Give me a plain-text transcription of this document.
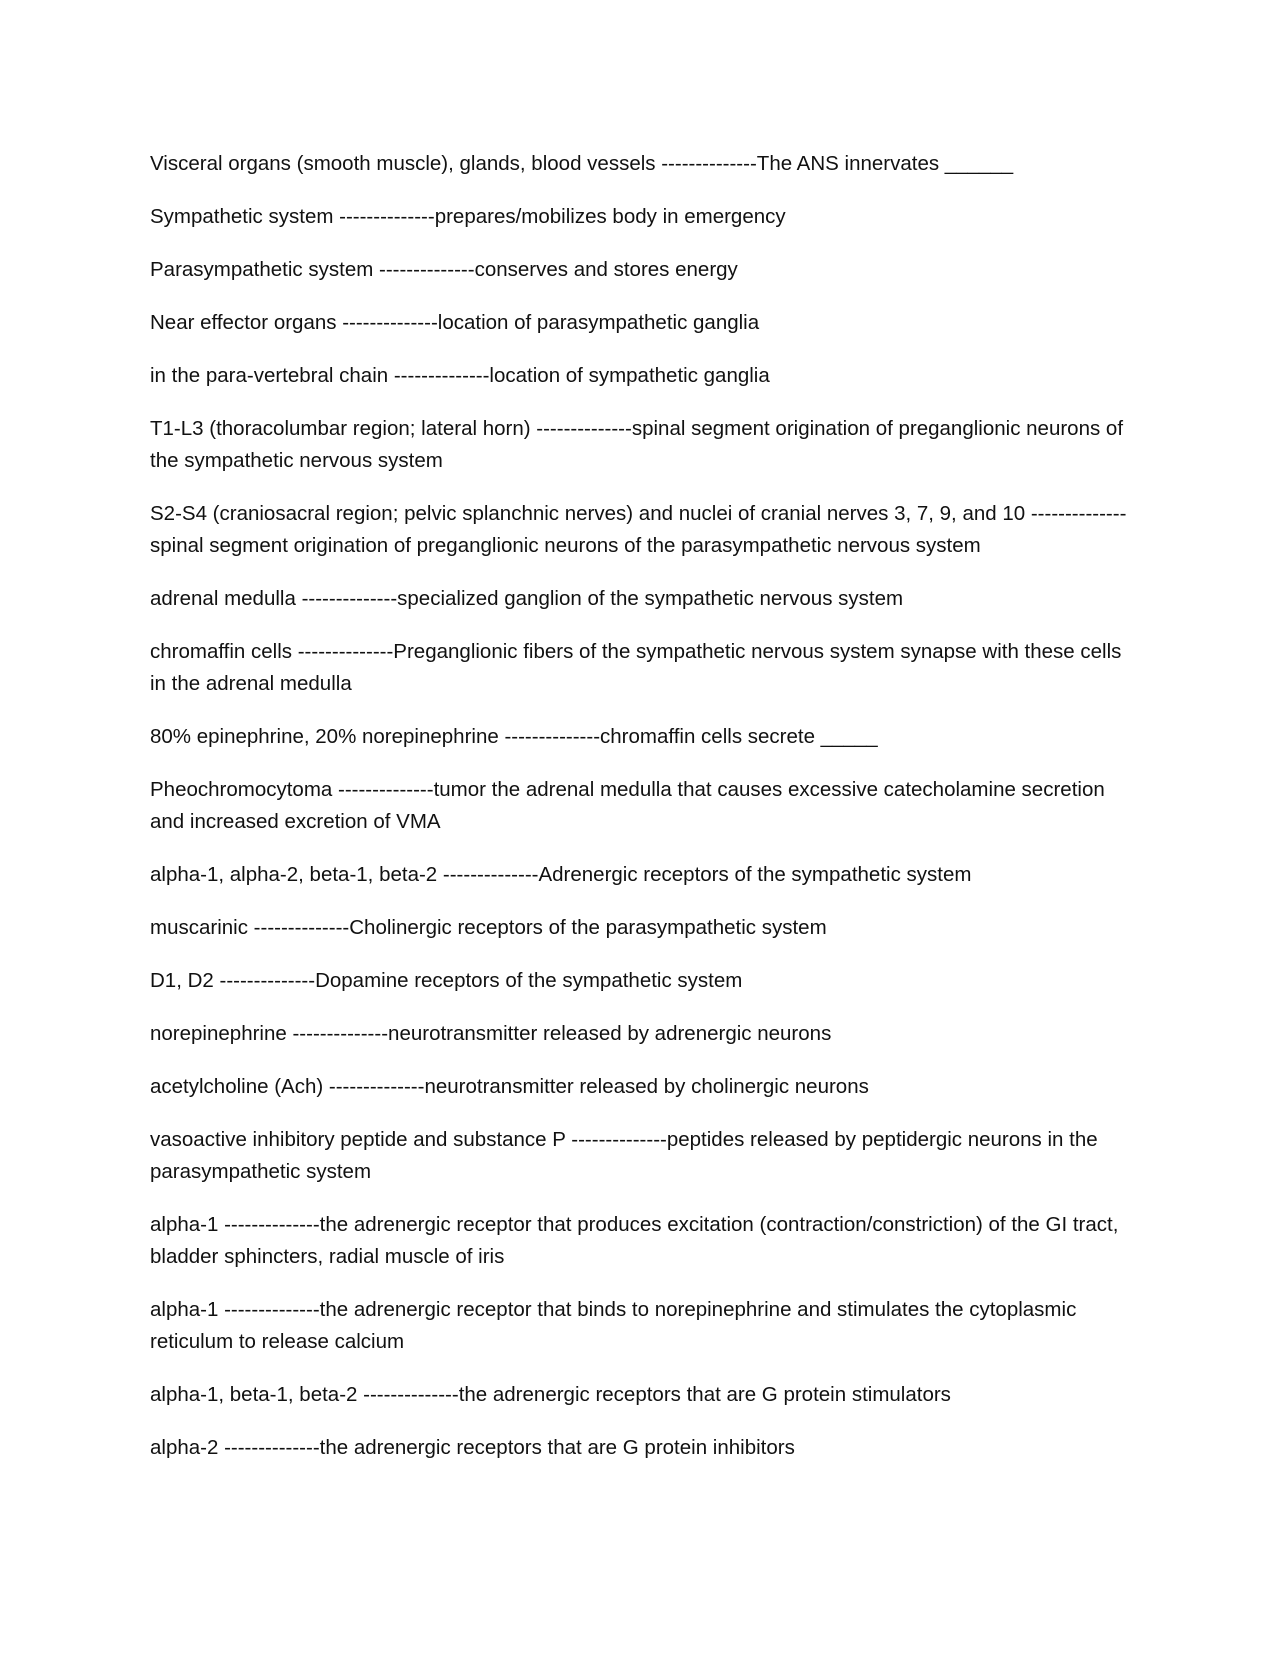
Visceral organs (smooth muscle), glands, blood vessels --------------The ANS innervates ______

Sympathetic system --------------prepares/mobilizes body in emergency

Parasympathetic system --------------conserves and stores energy

Near effector organs --------------location of parasympathetic ganglia

in the para-vertebral chain --------------location of sympathetic ganglia

T1-L3 (thoracolumbar region; lateral horn) --------------spinal segment origination of preganglionic neurons of the sympathetic nervous system

S2-S4 (craniosacral region; pelvic splanchnic nerves) and nuclei of cranial nerves 3, 7, 9, and 10 --------------spinal segment origination of preganglionic neurons of the parasympathetic nervous system

adrenal medulla --------------specialized ganglion of the sympathetic nervous system

chromaffin cells --------------Preganglionic fibers of the sympathetic nervous system synapse with these cells in the adrenal medulla

80% epinephrine, 20% norepinephrine --------------chromaffin cells secrete _____

Pheochromocytoma --------------tumor the adrenal medulla that causes excessive catecholamine secretion and increased excretion of VMA

alpha-1, alpha-2, beta-1, beta-2 --------------Adrenergic receptors of the sympathetic system

muscarinic --------------Cholinergic receptors of the parasympathetic system

D1, D2 --------------Dopamine receptors of the sympathetic system

norepinephrine --------------neurotransmitter released by adrenergic neurons

acetylcholine (Ach) --------------neurotransmitter released by cholinergic neurons

vasoactive inhibitory peptide and substance P --------------peptides released by peptidergic neurons in the parasympathetic system

alpha-1 --------------the adrenergic receptor that produces excitation (contraction/constriction) of the GI tract, bladder sphincters, radial muscle of iris

alpha-1 --------------the adrenergic receptor that binds to norepinephrine and stimulates the cytoplasmic reticulum to release calcium

alpha-1, beta-1, beta-2 --------------the adrenergic receptors that are G protein stimulators

alpha-2 --------------the adrenergic receptors that are G protein inhibitors
